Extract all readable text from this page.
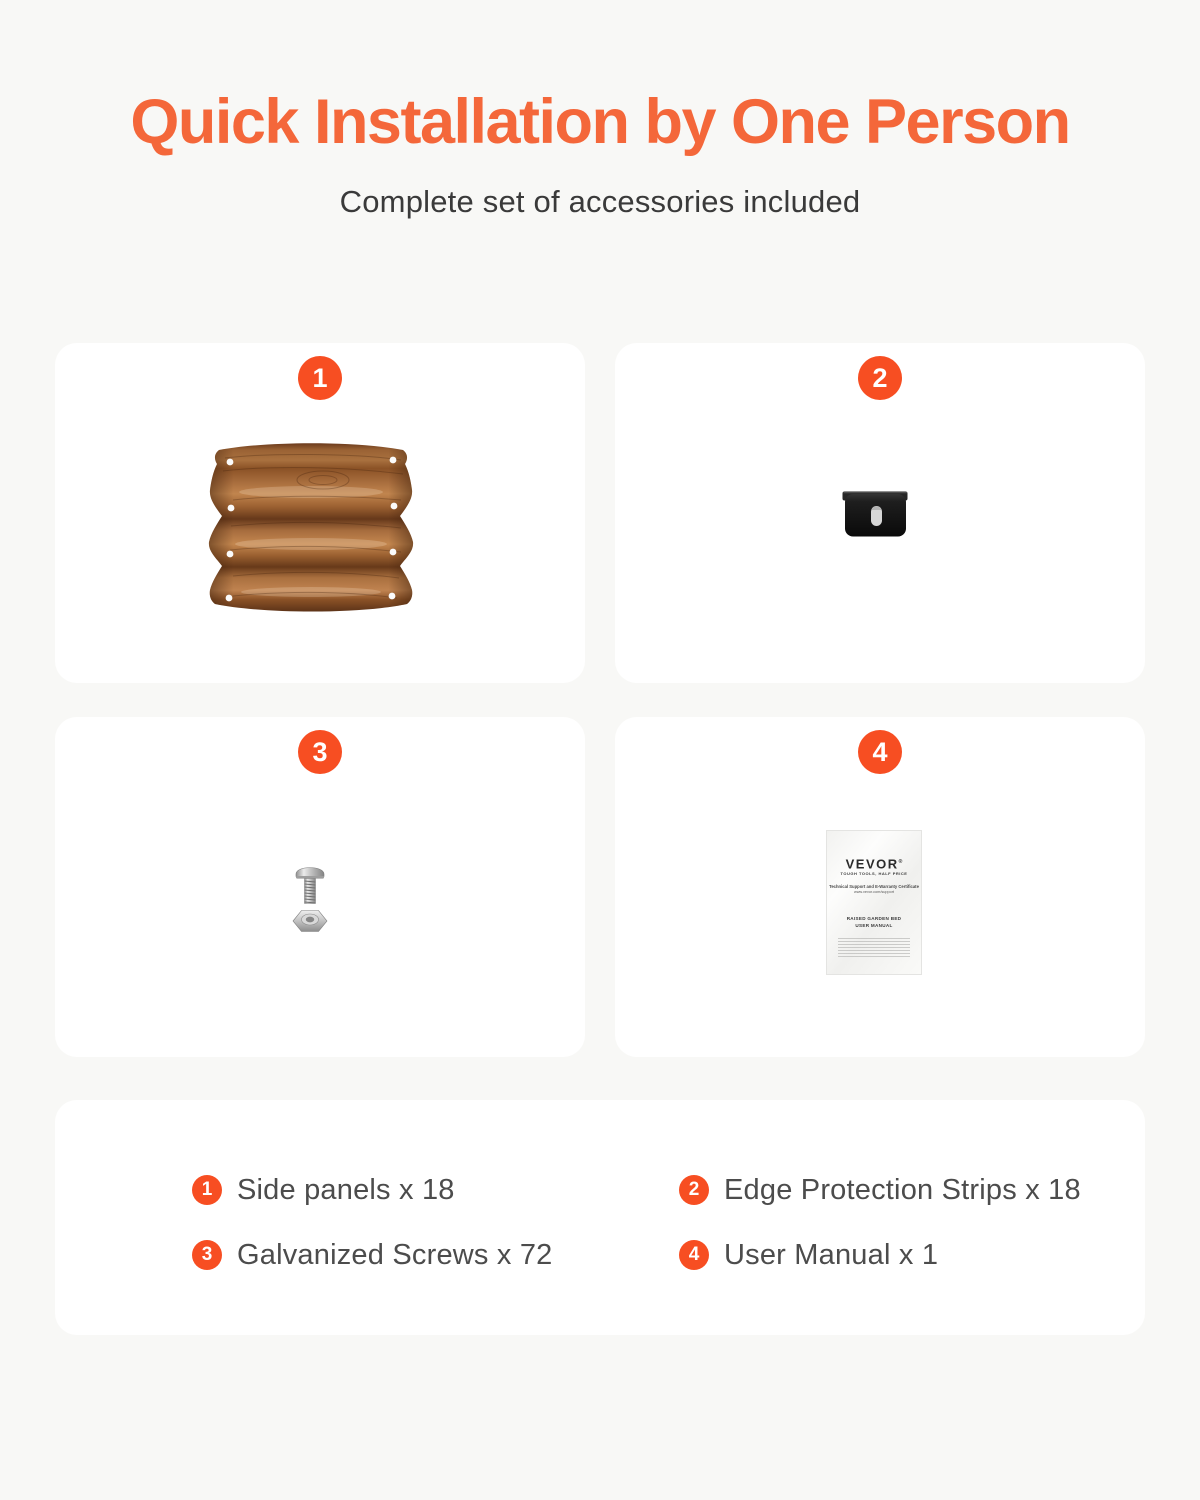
Quick Installation by One Person

Complete set of accessories included

1	2
3	4
VEVOR®
TOUGH TOOLS, HALF PRICE
Technical Support and E-Warranty Certificate
www.vevor.com/support
RAISED GARDEN BED
USER MANUAL
1 Side panels x 18	2 Edge Protection Strips x 18
3 Galvanized Screws x 72	4 User Manual x 1
